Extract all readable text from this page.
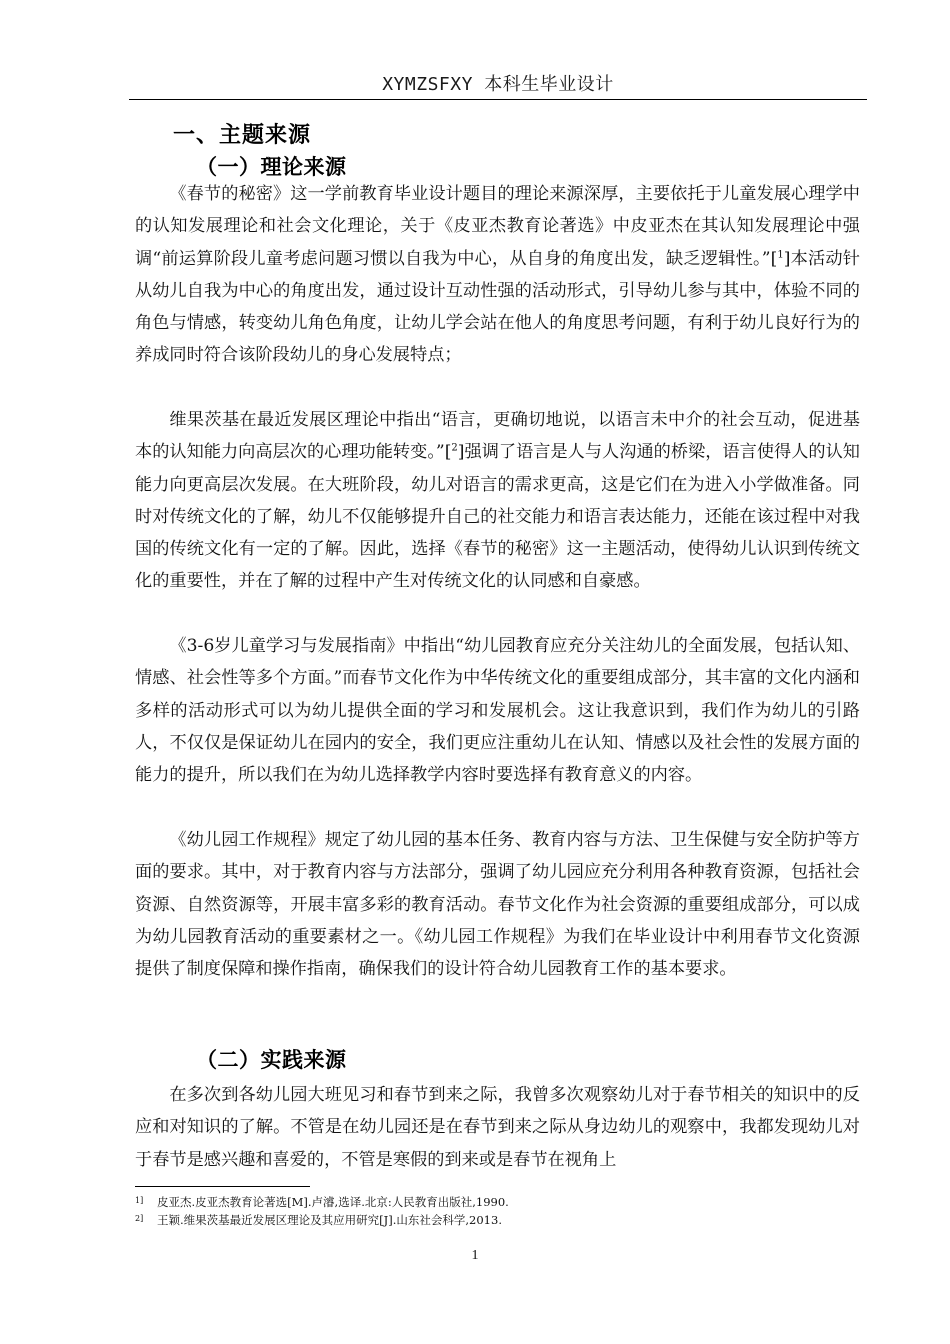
XYMZSFXY 本科生毕业设计
一、主题来源
（一）理论来源

《春节的秘密》这一学前教育毕业设计题目的理论来源深厚，主要依托于儿童发展心理学中的认知发展理论和社会文化理论，关于《皮亚杰教育论著选》中皮亚杰在其认知发展理论中强调“前运算阶段儿童考虑问题习惯以自我为中心，从自身的角度出发，缺乏逻辑性。”[$^1$]本活动针从幼儿自我为中心的角度出发，通过设计互动性强的活动形式，引导幼儿参与其中，体验不同的角色与情感，转变幼儿角色角度，让幼儿学会站在他人的角度思考问题，有利于幼儿良好行为的养成同时符合该阶段幼儿的身心发展特点；

维果茨基在最近发展区理论中指出“语言，更确切地说，以语言未中介的社会互动，促进基本的认知能力向高层次的心理功能转变。”[$^2$]强调了语言是人与人沟通的桥梁，语言使得人的认知能力向更高层次发展。在大班阶段，幼儿对语言的需求更高，这是它们在为进入小学做准备。同时对传统文化的了解，幼儿不仅能够提升自己的社交能力和语言表达能力，还能在该过程中对我国的传统文化有一定的了解。因此，选择《春节的秘密》这一主题活动，使得幼儿认识到传统文化的重要性，并在了解的过程中产生对传统文化的认同感和自豪感。

《3-6岁儿童学习与发展指南》中指出“幼儿园教育应充分关注幼儿的全面发展，包括认知、情感、社会性等多个方面。”而春节文化作为中华传统文化的重要组成部分，其丰富的文化内涵和多样的活动形式可以为幼儿提供全面的学习和发展机会。这让我意识到，我们作为幼儿的引路人，不仅仅是保证幼儿在园内的安全，我们更应注重幼儿在认知、情感以及社会性的发展方面的能力的提升，所以我们在为幼儿选择教学内容时要选择有教育意义的内容。

《幼儿园工作规程》规定了幼儿园的基本任务、教育内容与方法、卫生保健与安全防护等方面的要求。其中，对于教育内容与方法部分，强调了幼儿园应充分利用各种教育资源，包括社会资源、自然资源等，开展丰富多彩的教育活动。春节文化作为社会资源的重要组成部分，可以成为幼儿园教育活动的重要素材之一。《幼儿园工作规程》为我们在毕业设计中利用春节文化资源提供了制度保障和操作指南，确保我们的设计符合幼儿园教育工作的基本要求。

（二）实践来源

在多次到各幼儿园大班见习和春节到来之际，我曾多次观察幼儿对于春节相关的知识中的反应和对知识的了解。不管是在幼儿园还是在春节到来之际从身边幼儿的观察中，我都发现幼儿对于春节是感兴趣和喜爱的，不管是寒假的到来或是春节在视角上

1] 皮亚杰.皮亚杰教育论著选[M].卢濬,选译.北京:人民教育出版社,1990.
2] 王颖.维果茨基最近发展区理论及其应用研究[J].山东社会科学,2013.
1
